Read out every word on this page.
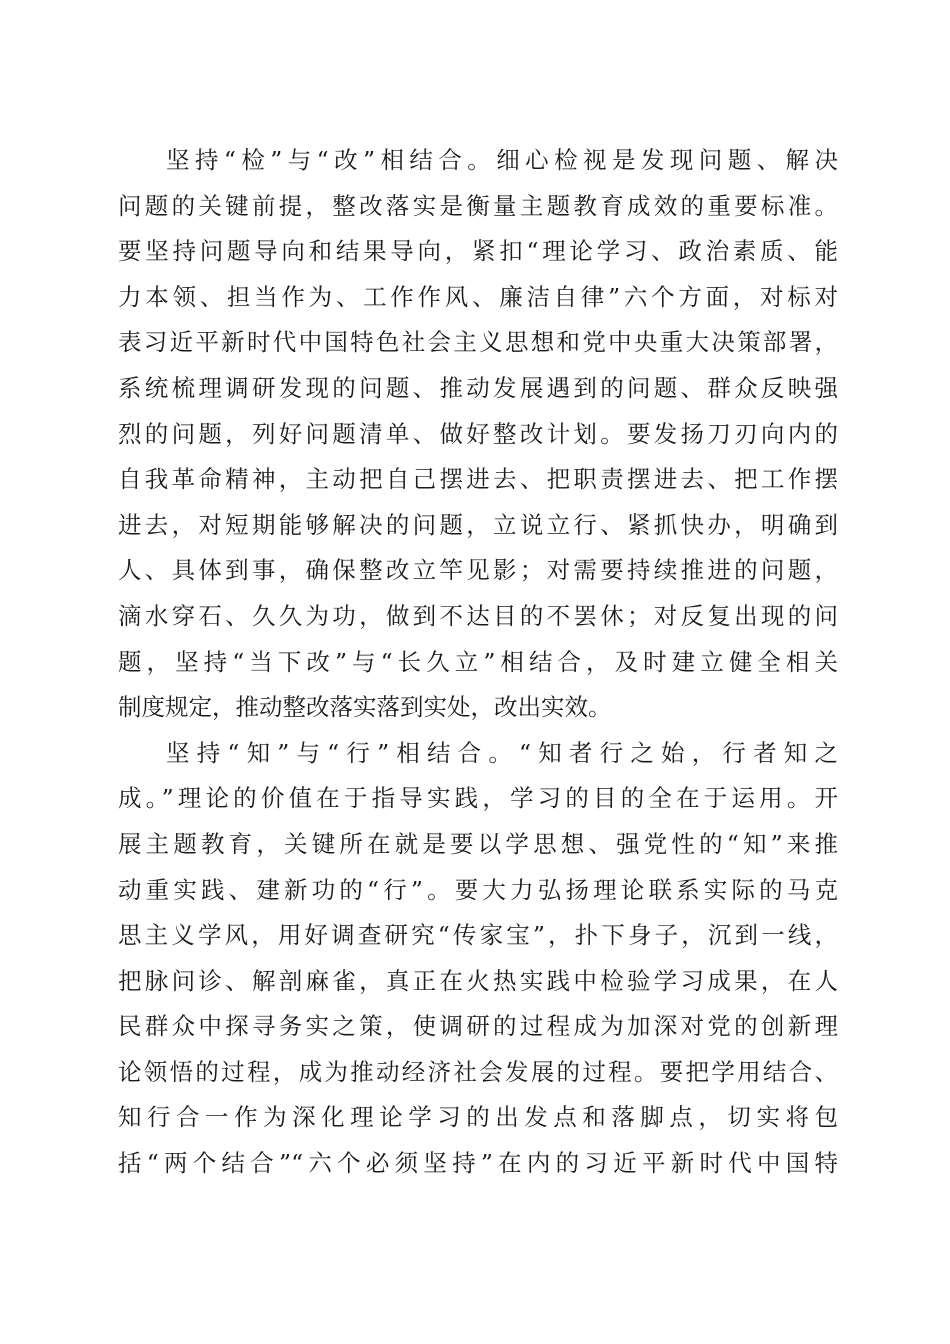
坚持“检”与“改”相结合。细心检视是发现问题、解决
问题的关键前提，整改落实是衡量主题教育成效的重要标准。
要坚持问题导向和结果导向，紧扣“理论学习、政治素质、能
力本领、担当作为、工作作风、廉洁自律”六个方面，对标对
表习近平新时代中国特色社会主义思想和党中央重大决策部署，
系统梳理调研发现的问题、推动发展遇到的问题、群众反映强
烈的问题，列好问题清单、做好整改计划。要发扬刀刃向内的
自我革命精神，主动把自己摆进去、把职责摆进去、把工作摆
进去，对短期能够解决的问题，立说立行、紧抓快办，明确到
人、具体到事，确保整改立竿见影；对需要持续推进的问题，
滴水穿石、久久为功，做到不达目的不罢休；对反复出现的问
题，坚持“当下改”与“长久立”相结合，及时建立健全相关
制度规定，推动整改落实落到实处，改出实效。
坚持“知”与“行”相结合。“知者行之始，行者知之
成。”理论的价值在于指导实践，学习的目的全在于运用。开
展主题教育，关键所在就是要以学思想、强党性的“知”来推
动重实践、建新功的“行”。要大力弘扬理论联系实际的马克
思主义学风，用好调查研究“传家宝”，扑下身子，沉到一线，
把脉问诊、解剖麻雀，真正在火热实践中检验学习成果，在人
民群众中探寻务实之策，使调研的过程成为加深对党的创新理
论领悟的过程，成为推动经济社会发展的过程。要把学用结合、
知行合一作为深化理论学习的出发点和落脚点，切实将包
括“两个结合”“六个必须坚持”在内的习近平新时代中国特
